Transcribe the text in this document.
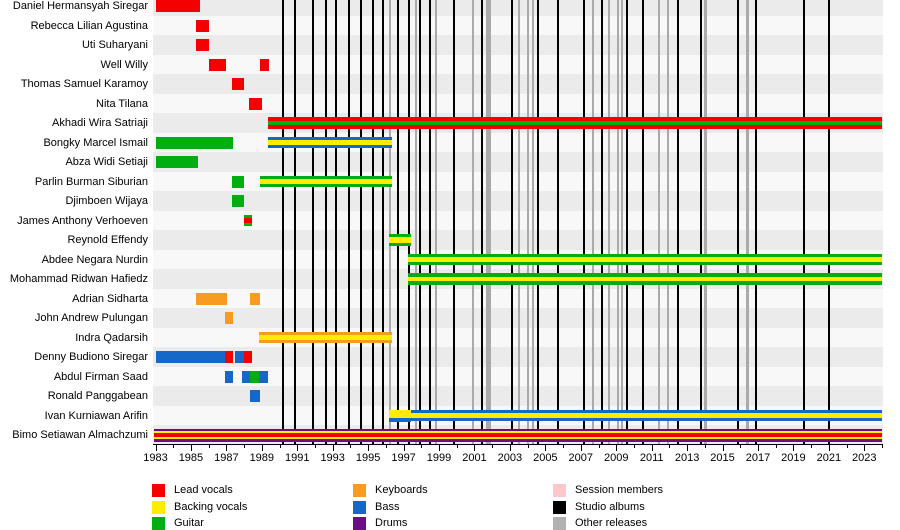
1983 1985 1987 1989 1991 1993 1995 1997 1999 2001 2003 2005 2007 2009	2011	2013 2015 2017 2019 2021 2023
Lead vocals
Backing vocals
Guitar
Keyboards
Bass
Drums
Session members
Studio albums
Other releases
Daniel Hermansyah Siregar
Rebecca Lilian Agustina
Uti Suharyani
Well Willy
Thomas Samuel Karamoy
Nita Tilana
Akhadi Wira Satriaji
Bongky Marcel Ismail
Abza Widi Setiaji
Parlin Burman Siburian
Djimboen Wijaya
James Anthony Verhoeven
Reynold Effendy
Abdee Negara Nurdin
Mohammad Ridwan Hafiedz
Adrian Sidharta
John Andrew Pulungan
Indra Qadarsih
Denny Budiono Siregar
Abdul Firman Saad
Ronald Panggabean
Ivan Kurniawan Arifin
Bimo Setiawan Almachzumi
